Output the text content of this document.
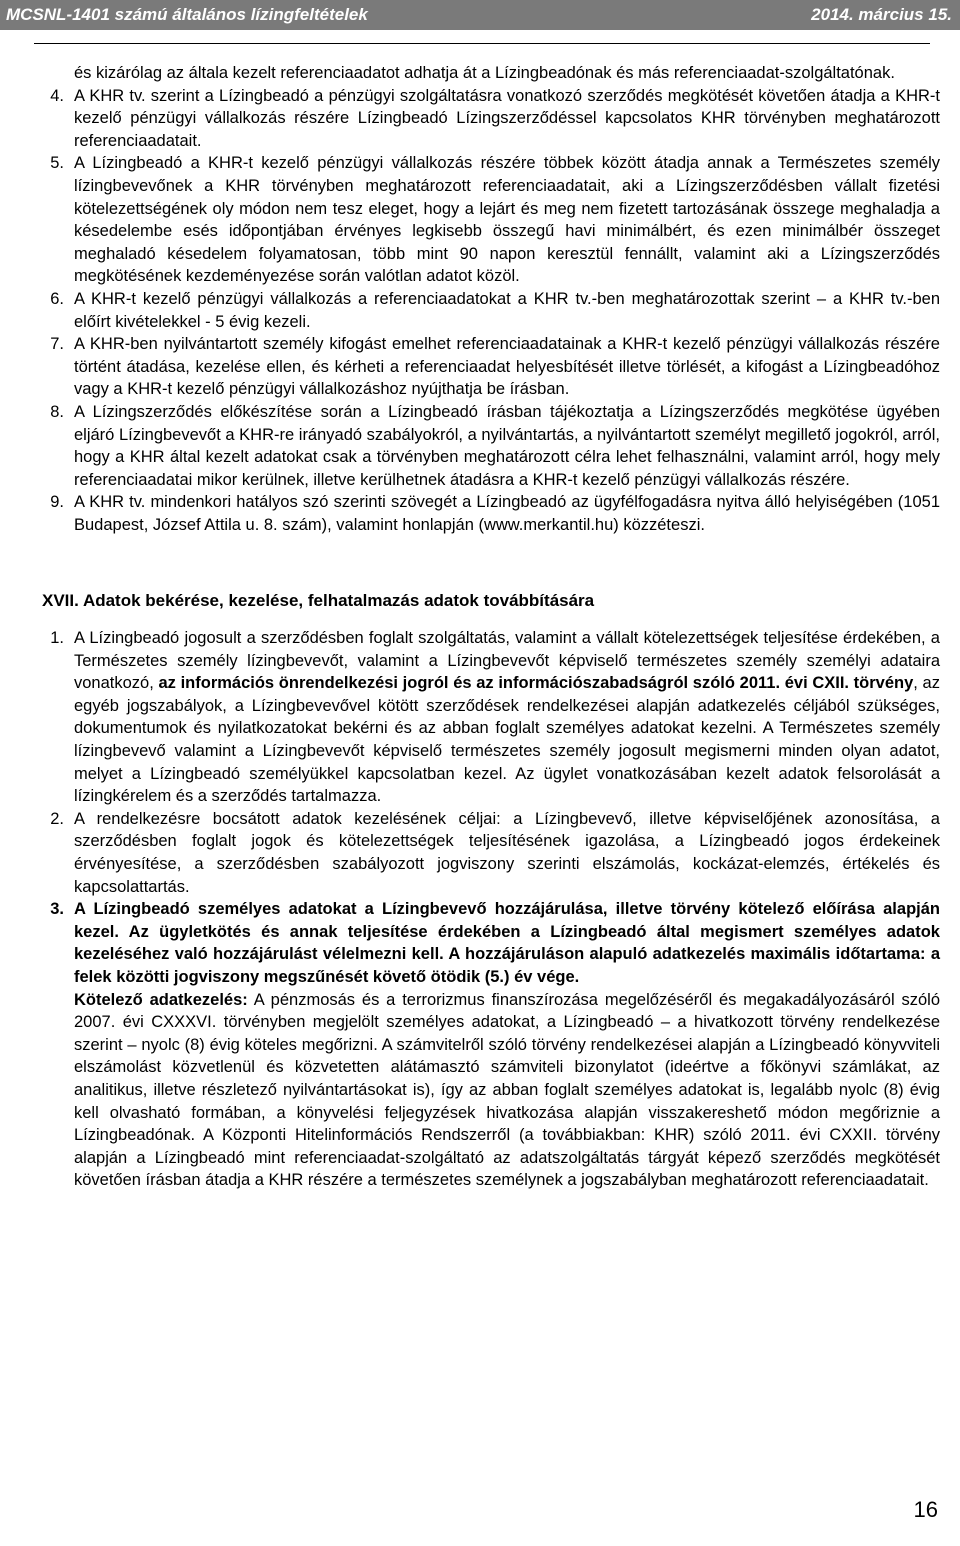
MCSNL-1401 számú általános lízingfeltételek	2014. március 15.

és kizárólag az általa kezelt referenciaadatot adhatja át a Lízingbeadónak és más referenciaadat-szolgáltatónak.

4. A KHR tv. szerint a Lízingbeadó a pénzügyi szolgáltatásra vonatkozó szerződés megkötését követően átadja a KHR-t kezelő pénzügyi vállalkozás részére Lízingbeadó Lízingszerződéssel kapcsolatos KHR törvényben meghatározott referenciaadatait.
5. A Lízingbeadó a KHR-t kezelő pénzügyi vállalkozás részére többek között átadja annak a Természetes személy lízingbevevőnek a KHR törvényben meghatározott referenciaadatait, aki a Lízingszerződésben vállalt fizetési kötelezettségének oly módon nem tesz eleget, hogy a lejárt és meg nem fizetett tartozásának összege meghaladja a késedelembe esés időpontjában érvényes legkisebb összegű havi minimálbért, és ezen minimálbér összeget meghaladó késedelem folyamatosan, több mint 90 napon keresztül fennállt, valamint aki a Lízingszerződés megkötésének kezdeményezése során valótlan adatot közöl.
6. A KHR-t kezelő pénzügyi vállalkozás a referenciaadatokat a KHR tv.-ben meghatározottak szerint – a KHR tv.-ben előírt kivételekkel - 5 évig kezeli.
7. A KHR-ben nyilvántartott személy kifogást emelhet referenciaadatainak a KHR-t kezelő pénzügyi vállalkozás részére történt átadása, kezelése ellen, és kérheti a referenciaadat helyesbítését illetve törlését, a kifogást a Lízingbeadóhoz vagy a KHR-t kezelő pénzügyi vállalkozáshoz nyújthatja be írásban.
8. A Lízingszerződés előkészítése során a Lízingbeadó írásban tájékoztatja a Lízingszerződés megkötése ügyében eljáró Lízingbevevőt a KHR-re irányadó szabályokról, a nyilvántartás, a nyilvántartott személyt megillető jogokról, arról, hogy a KHR által kezelt adatokat csak a törvényben meghatározott célra lehet felhasználni, valamint arról, hogy mely referenciaadatai mikor kerülnek, illetve kerülhetnek átadásra a KHR-t kezelő pénzügyi vállalkozás részére.
9. A KHR tv. mindenkori hatályos szó szerinti szövegét a Lízingbeadó az ügyfélfogadásra nyitva álló helyiségében (1051 Budapest, József Attila u. 8. szám), valamint honlapján (www.merkantil.hu) közzéteszi.
XVII. Adatok bekérése, kezelése, felhatalmazás adatok továbbítására
1. A Lízingbeadó jogosult a szerződésben foglalt szolgáltatás, valamint a vállalt kötelezettségek teljesítése érdekében, a Természetes személy lízingbevevőt, valamint a Lízingbevevőt képviselő természetes személy személyi adataira vonatkozó, az információs önrendelkezési jogról és az információszabadságról szóló 2011. évi CXII. törvény, az egyéb jogszabályok, a Lízingbevevővel kötött szerződések rendelkezései alapján adatkezelés céljából szükséges, dokumentumok és nyilatkozatokat bekérni és az abban foglalt személyes adatokat kezelni. A Természetes személy lízingbevevő valamint a Lízingbevevőt képviselő természetes személy jogosult megismerni minden olyan adatot, melyet a Lízingbeadó személyükkel kapcsolatban kezel. Az ügylet vonatkozásában kezelt adatok felsorolását a lízingkérelem és a szerződés tartalmazza.
2. A rendelkezésre bocsátott adatok kezelésének céljai: a Lízingbevevő, illetve képviselőjének azonosítása, a szerződésben foglalt jogok és kötelezettségek teljesítésének igazolása, a Lízingbeadó jogos érdekeinek érvényesítése, a szerződésben szabályozott jogviszony szerinti elszámolás, kockázat-elemzés, értékelés és kapcsolattartás.
3. A Lízingbeadó személyes adatokat a Lízingbevevő hozzájárulása, illetve törvény kötelező előírása alapján kezel. Az ügyletkötés és annak teljesítése érdekében a Lízingbeadó által megismert személyes adatok kezeléséhez való hozzájárulást vélelmezni kell. A hozzájáruláson alapuló adatkezelés maximális időtartama: a felek közötti jogviszony megszűnését követő ötödik (5.) év vége.

Kötelező adatkezelés: A pénzmosás és a terrorizmus finanszírozása megelőzéséről és megakadályozásáról szóló 2007. évi CXXXVI. törvényben megjelölt személyes adatokat, a Lízingbeadó – a hivatkozott törvény rendelkezése szerint – nyolc (8) évig köteles megőrizni. A számvitelről szóló törvény rendelkezései alapján a Lízingbeadó könyvviteli elszámolást közvetlenül és közvetetten alátámasztó számviteli bizonylatot (ideértve a főkönyvi számlákat, az analitikus, illetve részletező nyilvántartásokat is), így az abban foglalt személyes adatokat is, legalább nyolc (8) évig kell olvasható formában, a könyvelési feljegyzések hivatkozása alapján visszakereshető módon megőriznie a Lízingbeadónak. A Központi Hitelinformációs Rendszerről (a továbbiakban: KHR) szóló 2011. évi CXXII. törvény alapján a Lízingbeadó mint referenciaadat-szolgáltató az adatszolgáltatás tárgyát képező szerződés megkötését követően írásban átadja a KHR részére a természetes személynek a jogszabályban meghatározott referenciaadatait.

16
